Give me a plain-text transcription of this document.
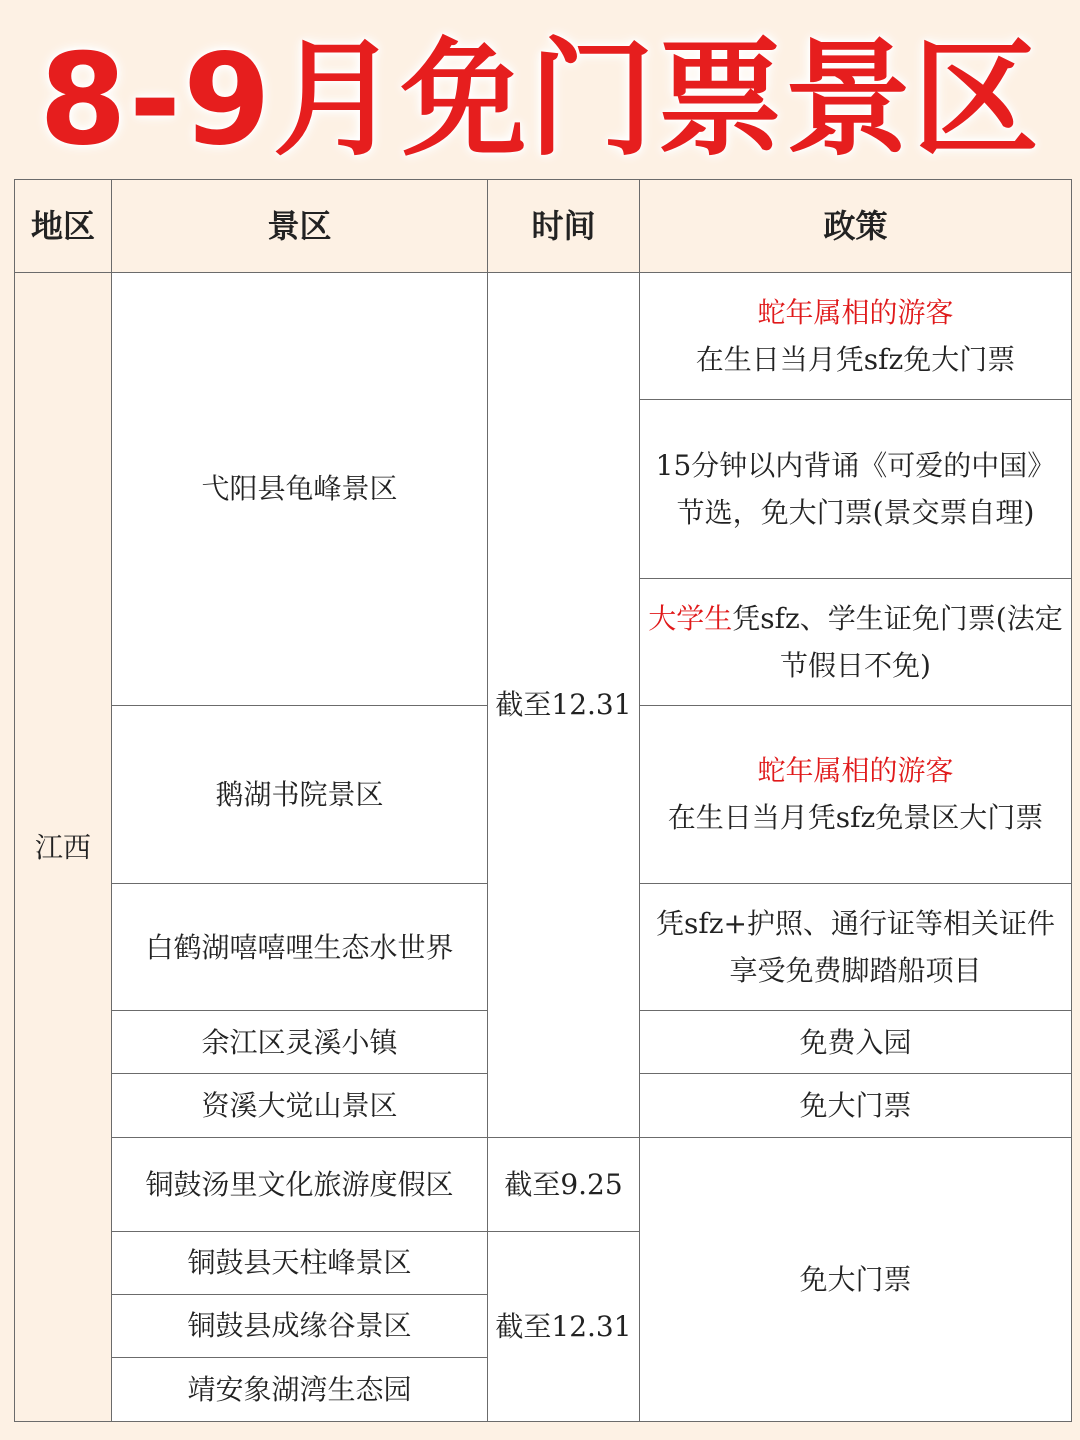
8-9月免门票景区
地区	景区	时间	政策
江西	弋阳县龟峰景区	截至12.31	蛇年属相的游客
在生日当月凭sfz免大门票

			15分钟以内背诵《可爱的中国》节选，免大门票(景交票自理)
			大学生凭sfz、学生证免门票(法定节假日不免)
	鹅湖书院景区		蛇年属相的游客
在生日当月凭sfz免景区大门票

	白鹤湖嘻嘻哩生态水世界		凭sfz+护照、通行证等相关证件享受免费脚踏船项目
	余江区灵溪小镇		免费入园
	资溪大觉山景区		免大门票
	铜鼓汤里文化旅游度假区	截至9.25	免大门票
	铜鼓县天柱峰景区	截至12.31	
	铜鼓县成缘谷景区		
	靖安象湖湾生态园		
